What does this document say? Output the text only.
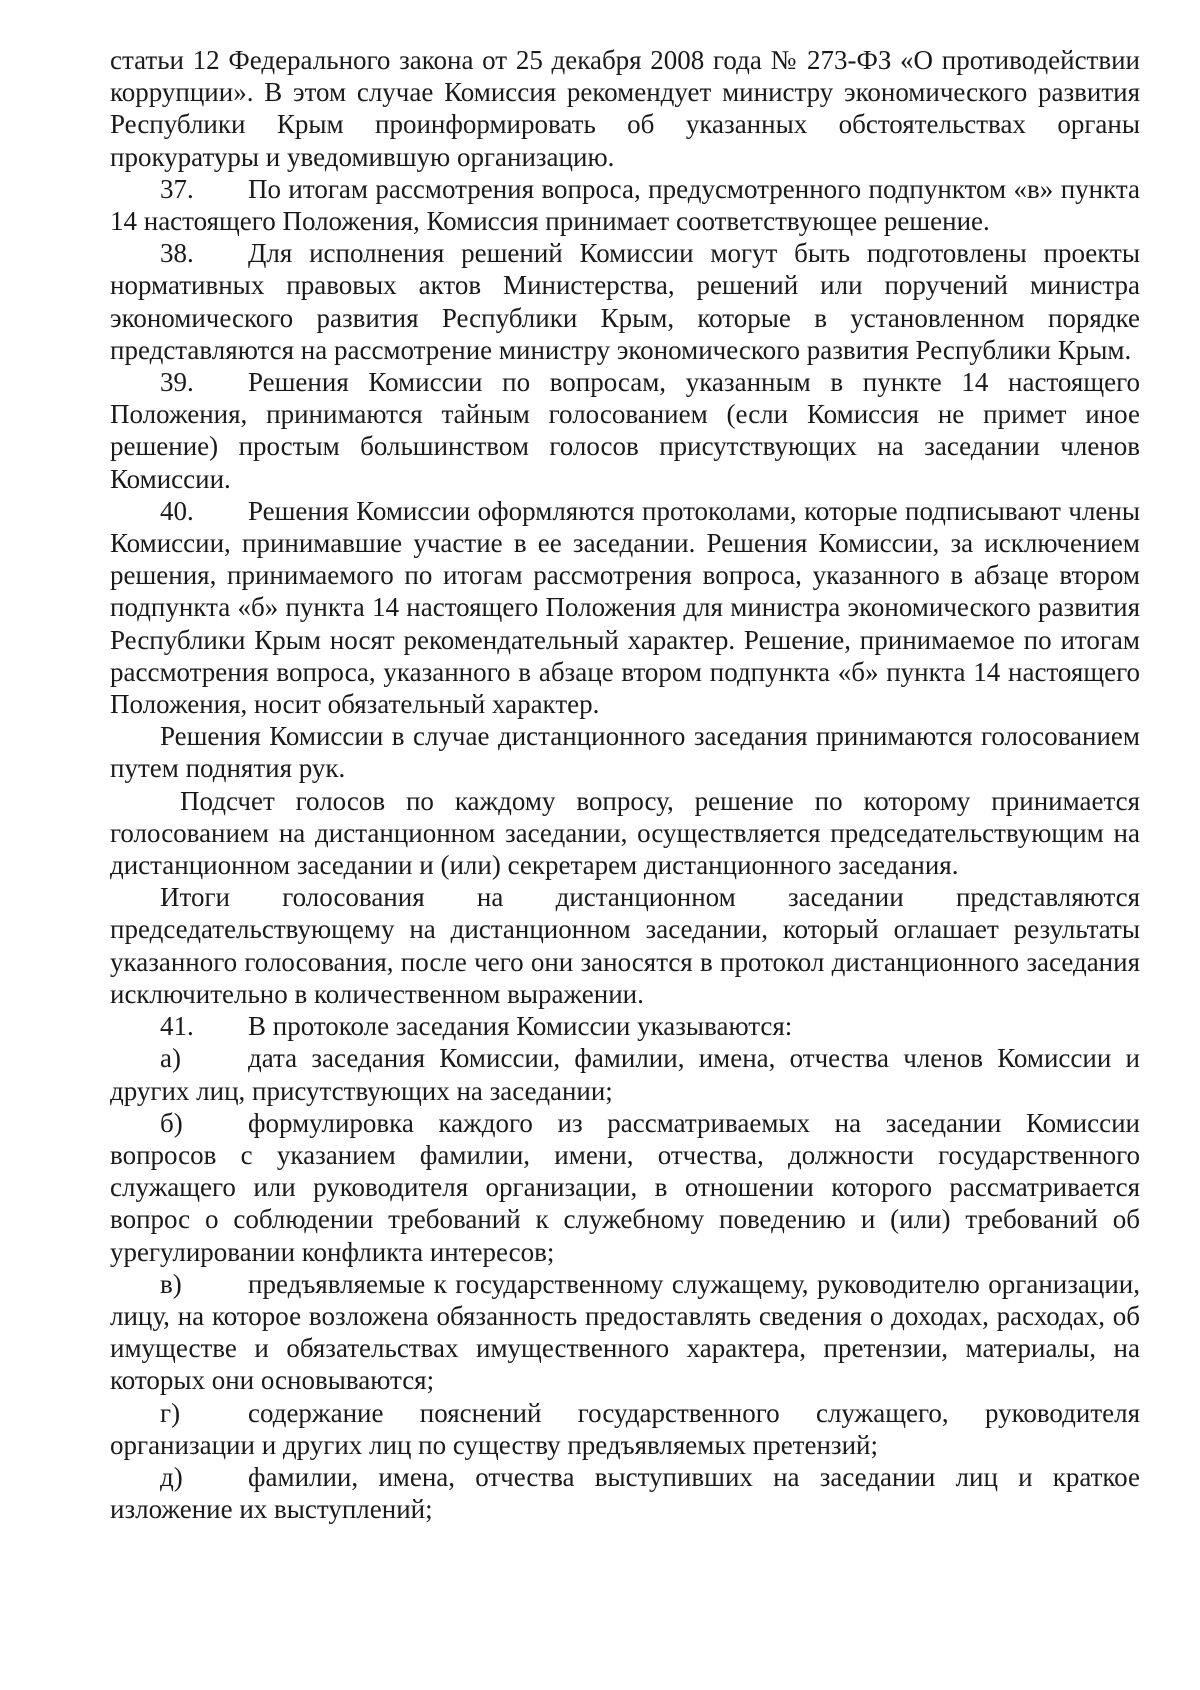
статьи 12 Федерального закона от 25 декабря 2008 года № 273-ФЗ «О противодействии коррупции». В этом случае Комиссия рекомендует министру экономического развития Республики Крым проинформировать об указанных обстоятельствах органы прокуратуры и уведомившую организацию.

37. По итогам рассмотрения вопроса, предусмотренного подпунктом «в» пункта 14 настоящего Положения, Комиссия принимает соответствующее решение.

38. Для исполнения решений Комиссии могут быть подготовлены проекты нормативных правовых актов Министерства, решений или поручений министра экономического развития Республики Крым, которые в установленном порядке представляются на рассмотрение министру экономического развития Республики Крым.

39. Решения Комиссии по вопросам, указанным в пункте 14 настоящего Положения, принимаются тайным голосованием (если Комиссия не примет иное решение) простым большинством голосов присутствующих на заседании членов Комиссии.

40. Решения Комиссии оформляются протоколами, которые подписывают члены Комиссии, принимавшие участие в ее заседании. Решения Комиссии, за исключением решения, принимаемого по итогам рассмотрения вопроса, указанного в абзаце втором подпункта «б» пункта 14 настоящего Положения для министра экономического развития Республики Крым носят рекомендательный характер. Решение, принимаемое по итогам рассмотрения вопроса, указанного в абзаце втором подпункта «б» пункта 14 настоящего Положения, носит обязательный характер.

Решения Комиссии в случае дистанционного заседания принимаются голосованием путем поднятия рук.

Подсчет голосов по каждому вопросу, решение по которому принимается голосованием на дистанционном заседании, осуществляется председательствующим на дистанционном заседании и (или) секретарем дистанционного заседания.

Итоги голосования на дистанционном заседании представляются председательствующему на дистанционном заседании, который оглашает результаты указанного голосования, после чего они заносятся в протокол дистанционного заседания исключительно в количественном выражении.

41. В протоколе заседания Комиссии указываются:

а) дата заседания Комиссии, фамилии, имена, отчества членов Комиссии и других лиц, присутствующих на заседании;

б) формулировка каждого из рассматриваемых на заседании Комиссии вопросов с указанием фамилии, имени, отчества, должности государственного служащего или руководителя организации, в отношении которого рассматривается вопрос о соблюдении требований к служебному поведению и (или) требований об урегулировании конфликта интересов;

в) предъявляемые к государственному служащему, руководителю организации, лицу, на которое возложена обязанность предоставлять сведения о доходах, расходах, об имуществе и обязательствах имущественного характера, претензии, материалы, на которых они основываются;

г)	содержание пояснений государственного служащего, руководителя организации и других лиц по существу предъявляемых претензий;

д) фамилии, имена, отчества выступивших на заседании лиц и краткое изложение их выступлений;
